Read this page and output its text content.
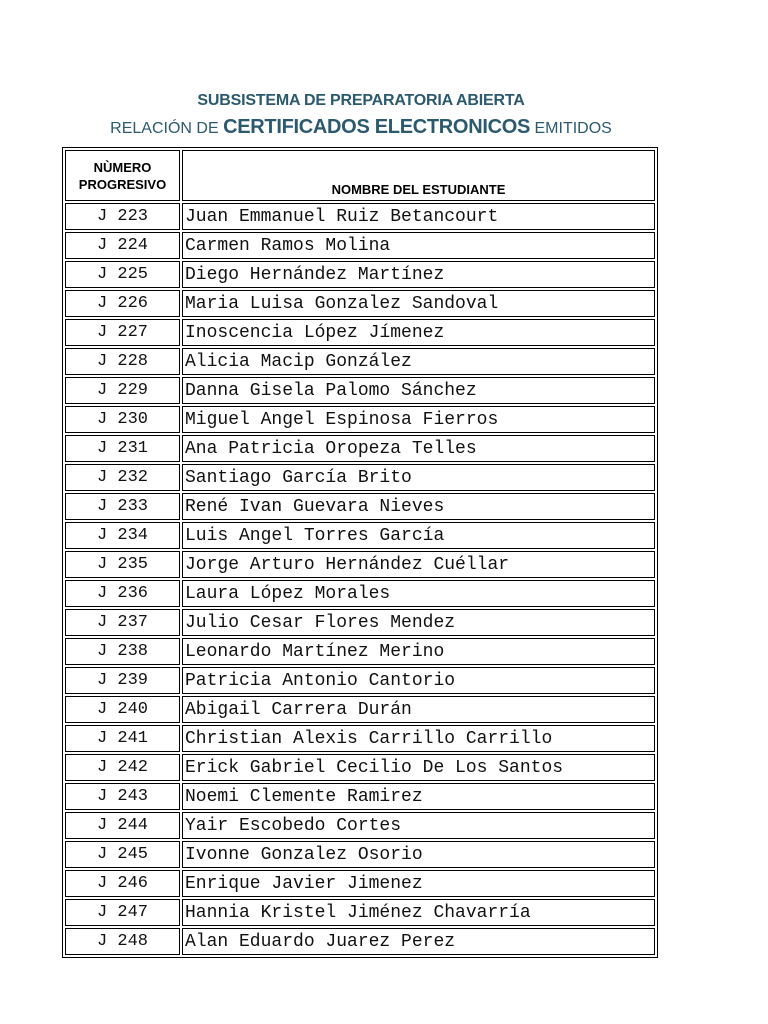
SUBSISTEMA DE PREPARATORIA ABIERTA
RELACIÓN DE CERTIFICADOS ELECTRONICOS EMITIDOS
NÙMERO
PROGRESIVO	NOMBRE DEL ESTUDIANTE
J 223	Juan Emmanuel Ruiz Betancourt
J 224	Carmen Ramos Molina
J 225	Diego Hernández Martínez
J 226	Maria Luisa Gonzalez Sandoval
J 227	Inoscencia López Jímenez
J 228	Alicia Macip González
J 229	Danna Gisela Palomo Sánchez
J 230	Miguel Angel Espinosa Fierros
J 231	Ana Patricia Oropeza Telles
J 232	Santiago García Brito
J 233	René Ivan Guevara Nieves
J 234	Luis Angel Torres García
J 235	Jorge Arturo Hernández Cuéllar
J 236	Laura López Morales
J 237	Julio Cesar Flores Mendez
J 238	Leonardo Martínez Merino
J 239	Patricia Antonio Cantorio
J 240	Abigail Carrera Durán
J 241	Christian Alexis Carrillo Carrillo
J 242	Erick Gabriel Cecilio De Los Santos
J 243	Noemi Clemente Ramirez
J 244	Yair Escobedo Cortes
J 245	Ivonne Gonzalez Osorio
J 246	Enrique Javier Jimenez
J 247	Hannia Kristel Jiménez Chavarría
J 248	Alan Eduardo Juarez Perez
